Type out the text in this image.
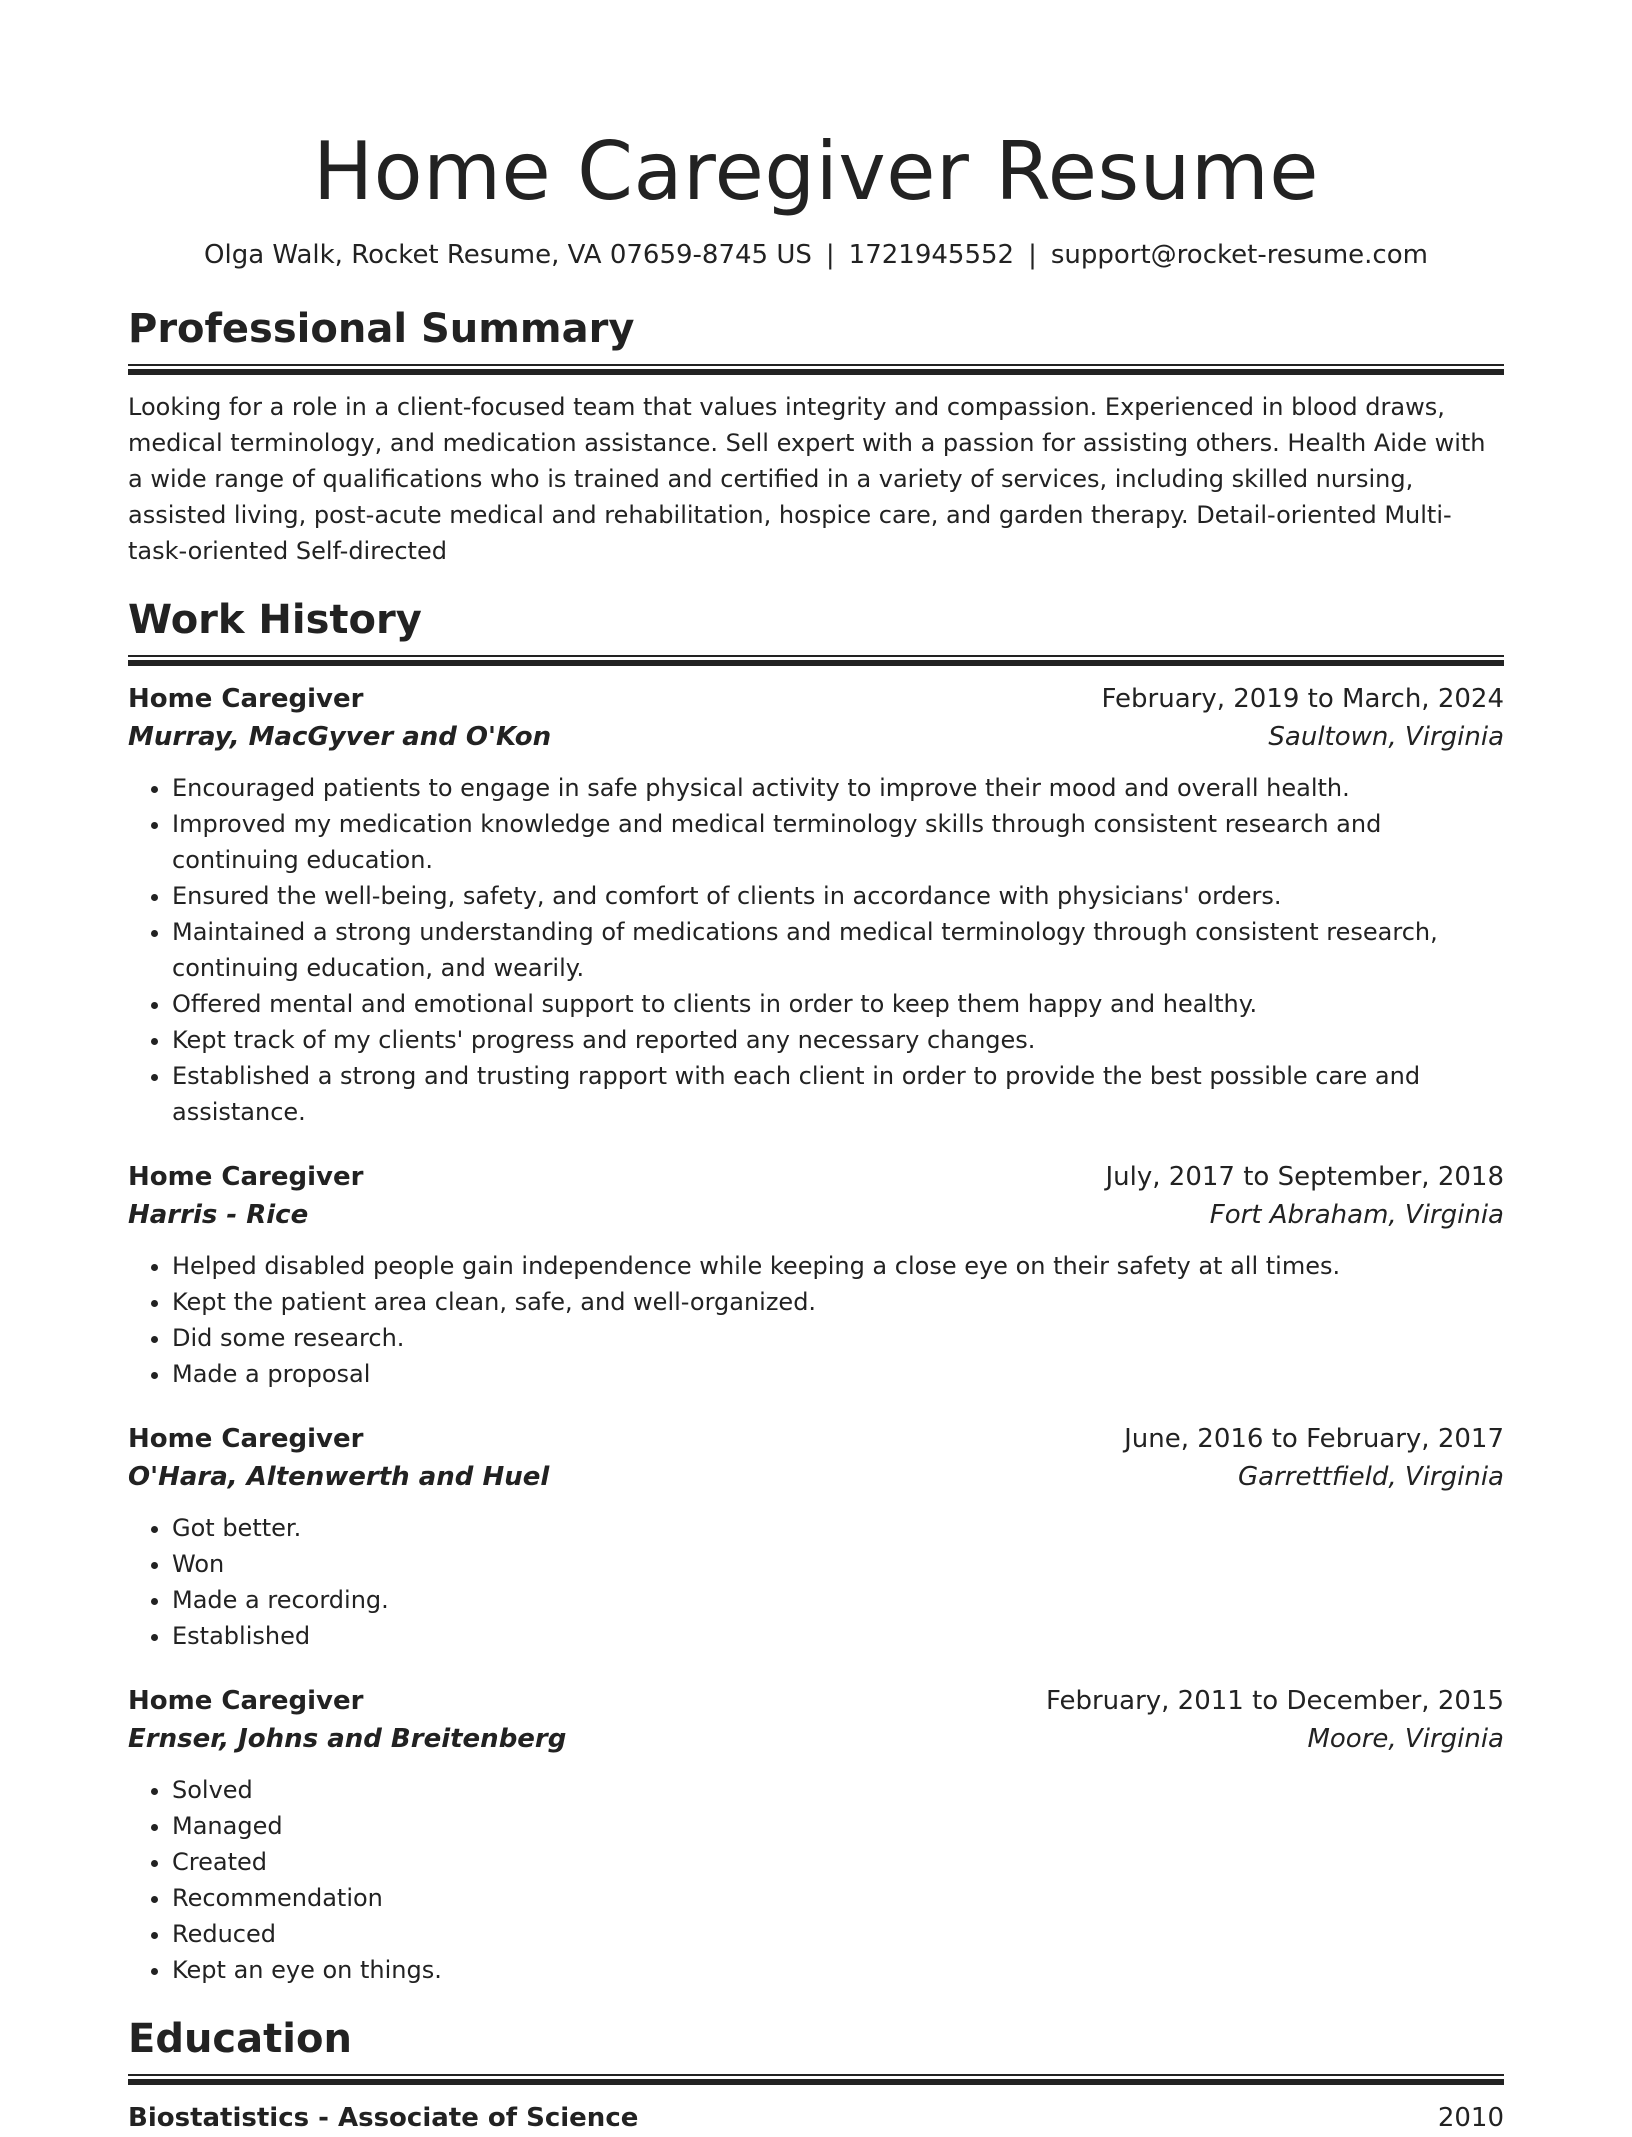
Home Caregiver Resume
Olga Walk, Rocket Resume, VA 07659-8745 US | 1721945552 | support@rocket-resume.com
Professional Summary
Looking for a role in a client-focused team that values integrity and compassion. Experienced in blood draws, medical terminology, and medication assistance. Sell expert with a passion for assisting others. Health Aide with a wide range of qualifications who is trained and certified in a variety of services, including skilled nursing, assisted living, post-acute medical and rehabilitation, hospice care, and garden therapy. Detail-oriented Multi-task-oriented Self-directed
Work History
Home Caregiver	February, 2019 to March, 2024
Murray, MacGyver and O'Kon	Saultown, Virginia
• Encouraged patients to engage in safe physical activity to improve their mood and overall health.
• Improved my medication knowledge and medical terminology skills through consistent research and continuing education.
• Ensured the well-being, safety, and comfort of clients in accordance with physicians' orders.
• Maintained a strong understanding of medications and medical terminology through consistent research, continuing education, and wearily.
• Offered mental and emotional support to clients in order to keep them happy and healthy.
• Kept track of my clients' progress and reported any necessary changes.
• Established a strong and trusting rapport with each client in order to provide the best possible care and assistance.
Home Caregiver	July, 2017 to September, 2018
Harris - Rice	Fort Abraham, Virginia
• Helped disabled people gain independence while keeping a close eye on their safety at all times.
• Kept the patient area clean, safe, and well-organized.
• Did some research.
• Made a proposal
Home Caregiver	June, 2016 to February, 2017
O'Hara, Altenwerth and Huel	Garrettfield, Virginia
• Got better.
• Won
• Made a recording.
• Established
Home Caregiver	February, 2011 to December, 2015
Ernser, Johns and Breitenberg	Moore, Virginia
• Solved
• Managed
• Created
• Recommendation
• Reduced
• Kept an eye on things.
Education
Biostatistics - Associate of Science	2010
